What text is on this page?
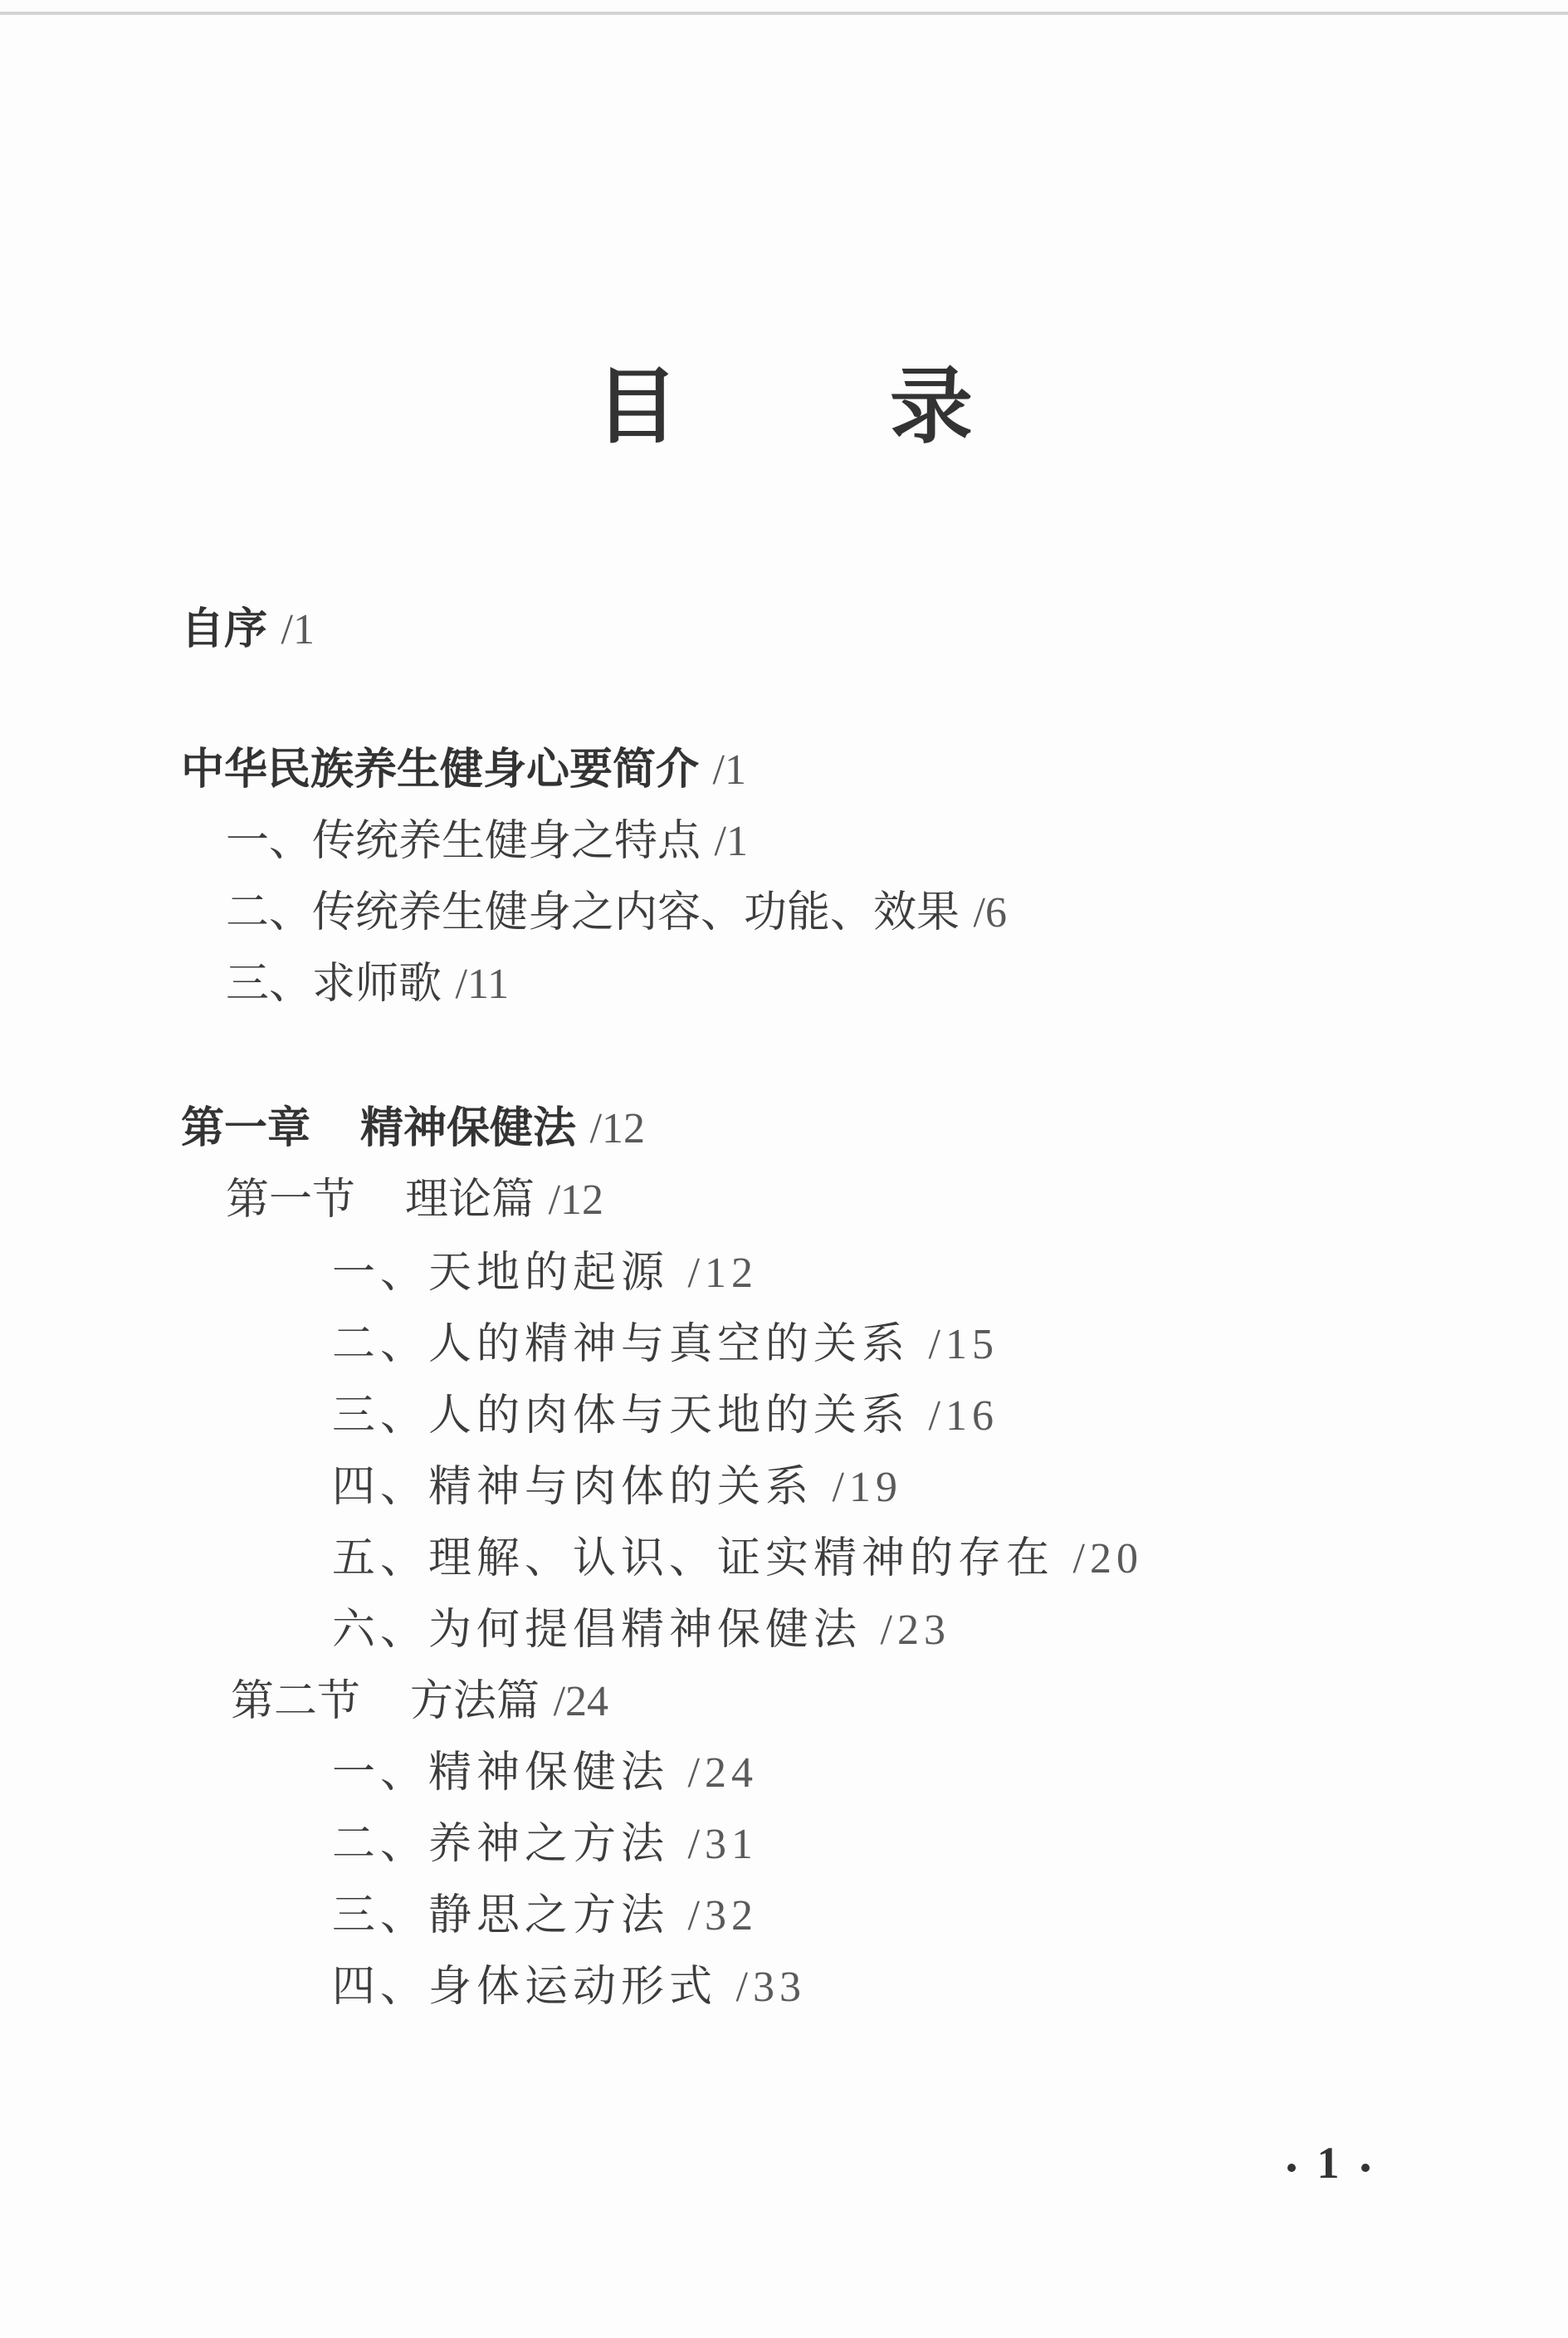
目 录
自序 /1
中华民族养生健身心要简介 /1
一、传统养生健身之特点 /1
二、传统养生健身之内容、功能、效果 /6
三、求师歌 /11
第一章 精神保健法 /12
第一节 理论篇 /12
一、天地的起源 /12
二、人的精神与真空的关系 /15
三、人的肉体与天地的关系 /16
四、精神与肉体的关系 /19
五、理解、认识、证实精神的存在 /20
六、为何提倡精神保健法 /23
第二节 方法篇 /24
一、精神保健法 /24
二、养神之方法 /31
三、静思之方法 /32
四、身体运动形式 /33
1
